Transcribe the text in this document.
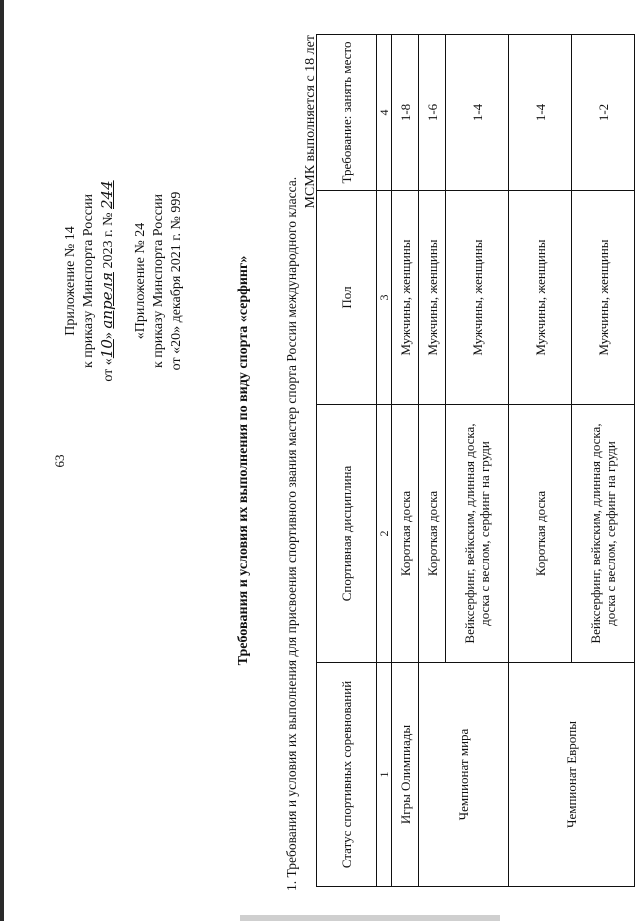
63
Приложение № 14 к приказу Минспорта России
от «10» апреля 2023 г. № 244
«Приложение № 24 к приказу Минспорта России от «20» декабря 2021 г. № 999	Требования и условия их выполнения по виду спорта «серфинг» 1. Требования и условия их выполнения для присвоения спортивного звания мастер спорта России международного класса.
МСМК выполняется с 18 лет
Статус спортивных соревнований	Спортивная дисциплина	Пол	Требование: занять место
1	2	3	4
Игры Олимпиады	Короткая доска	Мужчины, женщины	1-8
Чемпионат мира	Короткая доска	Мужчины, женщины	1-6
	Вейксерфинг, вейкским, длинная доска, доска с веслом, серфинг на груди	Мужчины, женщины	1-4
Чемпионат Европы	Короткая доска	Мужчины, женщины	1-4
	Вейксерфинг, вейкским, длинная доска, доска с веслом, серфинг на груди	Мужчины, женщины	1-2
